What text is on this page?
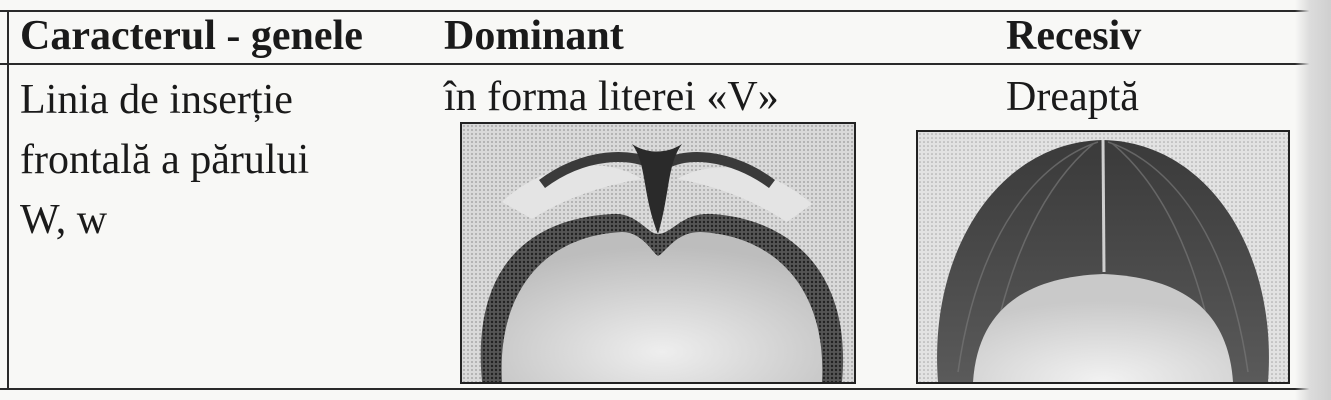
Caracterul - genele Dominant	Recesiv
Linia de inserție
frontală a părului
W, w
în forma literei «V»	Dreaptă
